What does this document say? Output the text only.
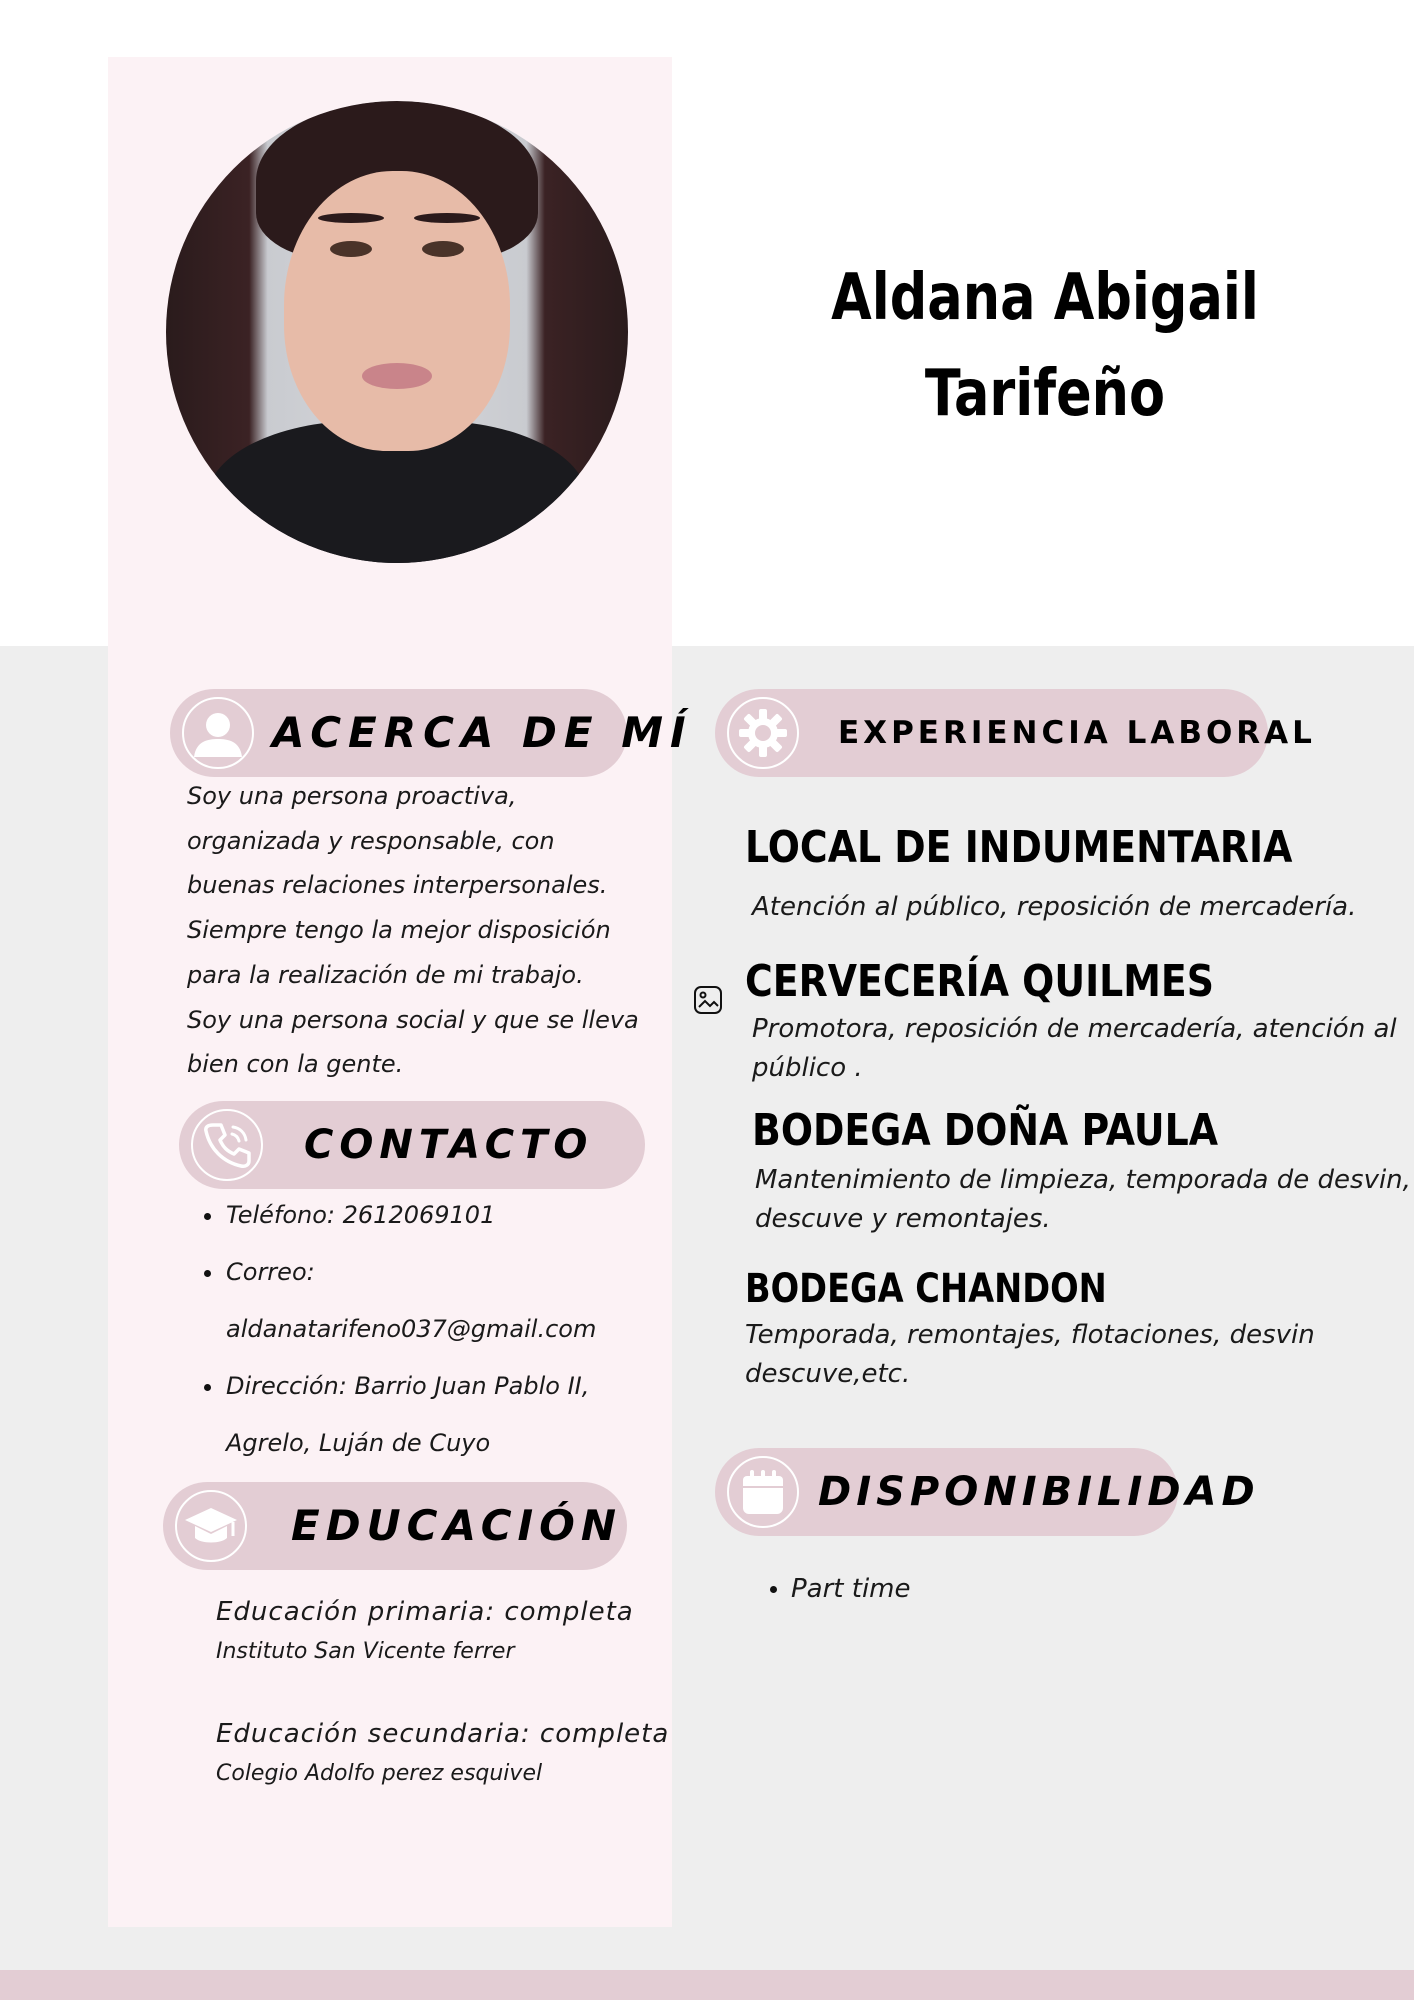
Aldana Abigail
Tarifeño
ACERCA DE MÍ
Soy una persona proactiva,
organizada y responsable, con
buenas relaciones interpersonales.
Siempre tengo la mejor disposición
para la realización de mi trabajo.
Soy una persona social y que se lleva
bien con la gente.
CONTACTO
Teléfono: 2612069101
Correo:
aldanatarifeno037@gmail.com
Dirección: Barrio Juan Pablo II,
Agrelo, Luján de Cuyo
EDUCACIÓN
Educación primaria: completa
Instituto San Vicente ferrer
Educación secundaria: completa
Colegio Adolfo perez esquivel
EXPERIENCIA LABORAL
LOCAL DE INDUMENTARIA
Atención al público, reposición de mercadería.
CERVECERÍA QUILMES
Promotora, reposición de mercadería, atención al
público .
BODEGA DOÑA PAULA
Mantenimiento de limpieza, temporada de desvin,
descuve y remontajes.
BODEGA CHANDON
Temporada, remontajes, flotaciones, desvin
descuve,etc.
DISPONIBILIDAD
Part time
